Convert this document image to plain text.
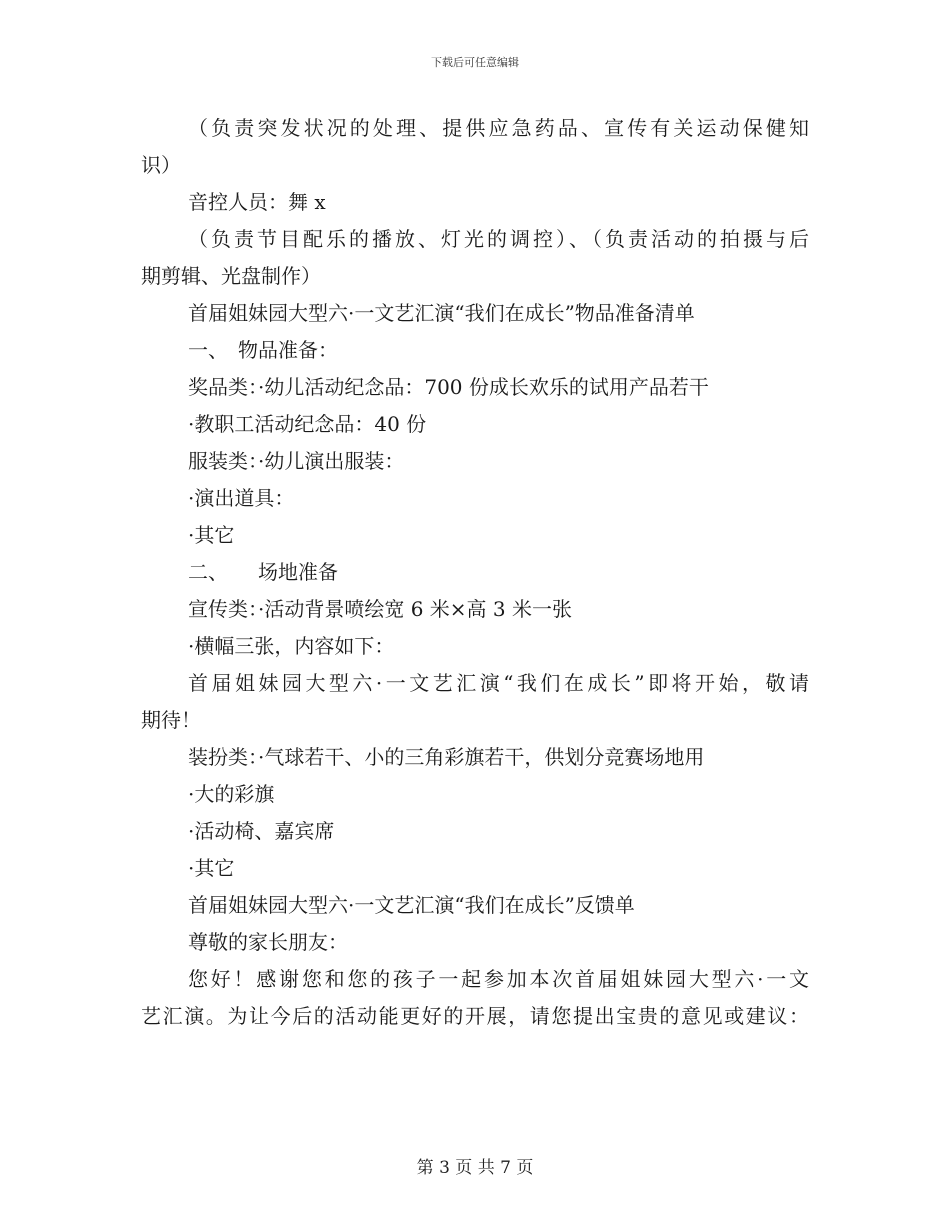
下载后可任意编辑
（负责突发状况的处理、提供应急药品、宣传有关运动保健知
识）
音控人员：舞 x
（负责节目配乐的播放、灯光的调控）、（负责活动的拍摄与后
期剪辑、光盘制作）
首届姐妹园大型六·一文艺汇演“我们在成长”物品准备清单
一、　物品准备：
奖品类：·幼儿活动纪念品：700 份成长欢乐的试用产品若干
·教职工活动纪念品：40 份
服装类：·幼儿演出服装：
·演出道具：
·其它
二、　　场地准备
宣传类：·活动背景喷绘宽 6 米×高 3 米一张
·横幅三张，内容如下：
首届姐妹园大型六·一文艺汇演“我们在成长”即将开始，敬请
期待！
装扮类：·气球若干、小的三角彩旗若干，供划分竞赛场地用
·大的彩旗
·活动椅、嘉宾席
·其它
首届姐妹园大型六·一文艺汇演“我们在成长”反馈单
尊敬的家长朋友：
您好！感谢您和您的孩子一起参加本次首届姐妹园大型六·一文
艺汇演。为让今后的活动能更好的开展，请您提出宝贵的意见或建议：
第 3 页 共 7 页
